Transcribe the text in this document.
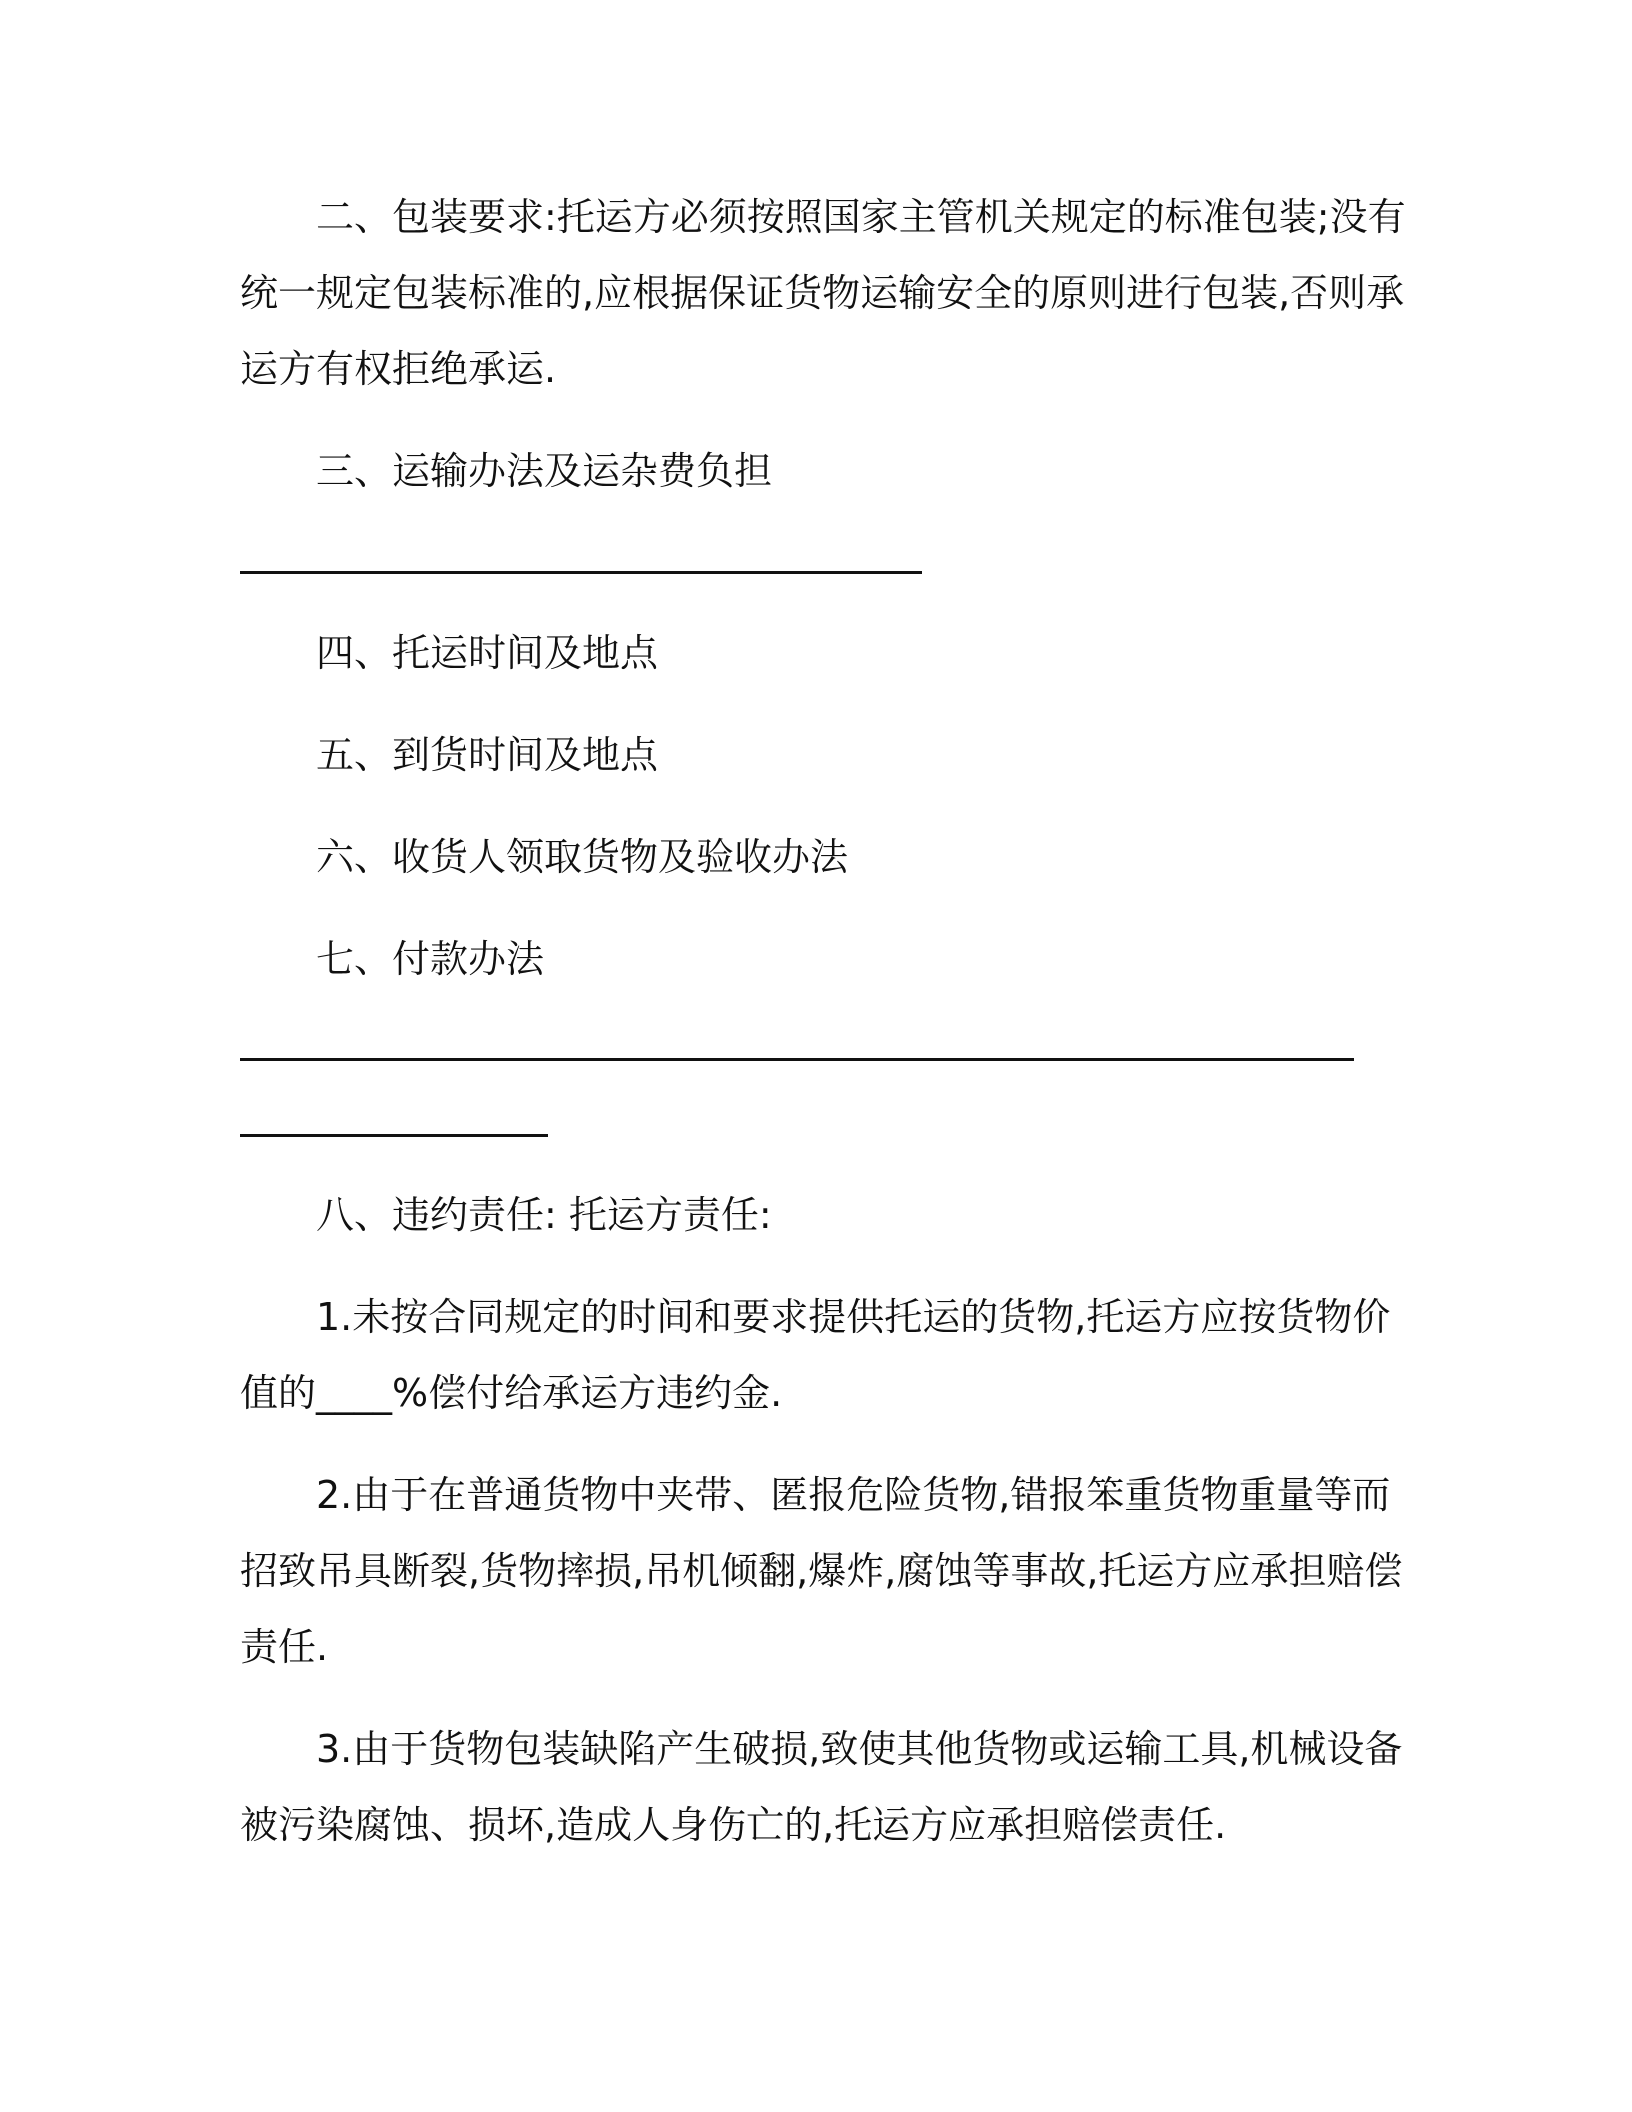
二、包装要求:托运方必须按照国家主管机关规定的标准包装;没有
统一规定包装标准的,应根据保证货物运输安全的原则进行包装,否则承
运方有权拒绝承运.
三、运输办法及运杂费负担
四、托运时间及地点
五、到货时间及地点
六、收货人领取货物及验收办法
七、付款办法
八、违约责任: 托运方责任:
1.未按合同规定的时间和要求提供托运的货物,托运方应按货物价
值的____%偿付给承运方违约金.
2.由于在普通货物中夹带、匿报危险货物,错报笨重货物重量等而
招致吊具断裂,货物摔损,吊机倾翻,爆炸,腐蚀等事故,托运方应承担赔偿
责任.
3.由于货物包装缺陷产生破损,致使其他货物或运输工具,机械设备
被污染腐蚀、损坏,造成人身伤亡的,托运方应承担赔偿责任.
